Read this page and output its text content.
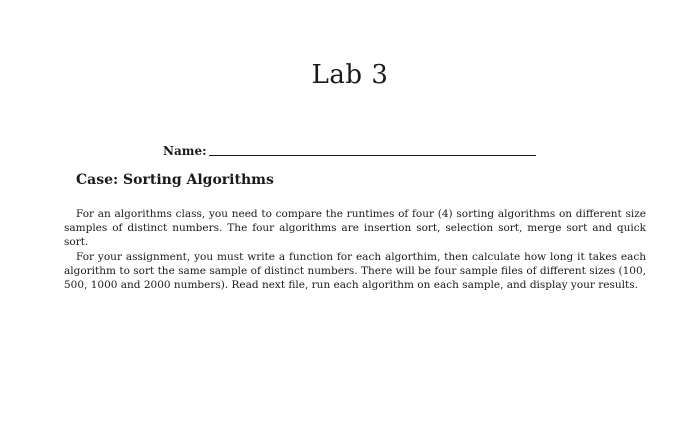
Lab 3
Name:
Case: Sorting Algorithms

For an algorithms class, you need to compare the runtimes of four (4) sorting algorithms on different size samples of distinct numbers. The four algorithms are insertion sort, selection sort, merge sort and quick sort.

For your assignment, you must write a function for each algorthim, then calculate how long it takes each algorithm to sort the same sample of distinct numbers. There will be four sample files of different sizes (100, 500, 1000 and 2000 numbers). Read next file, run each algorithm on each sample, and display your results.
